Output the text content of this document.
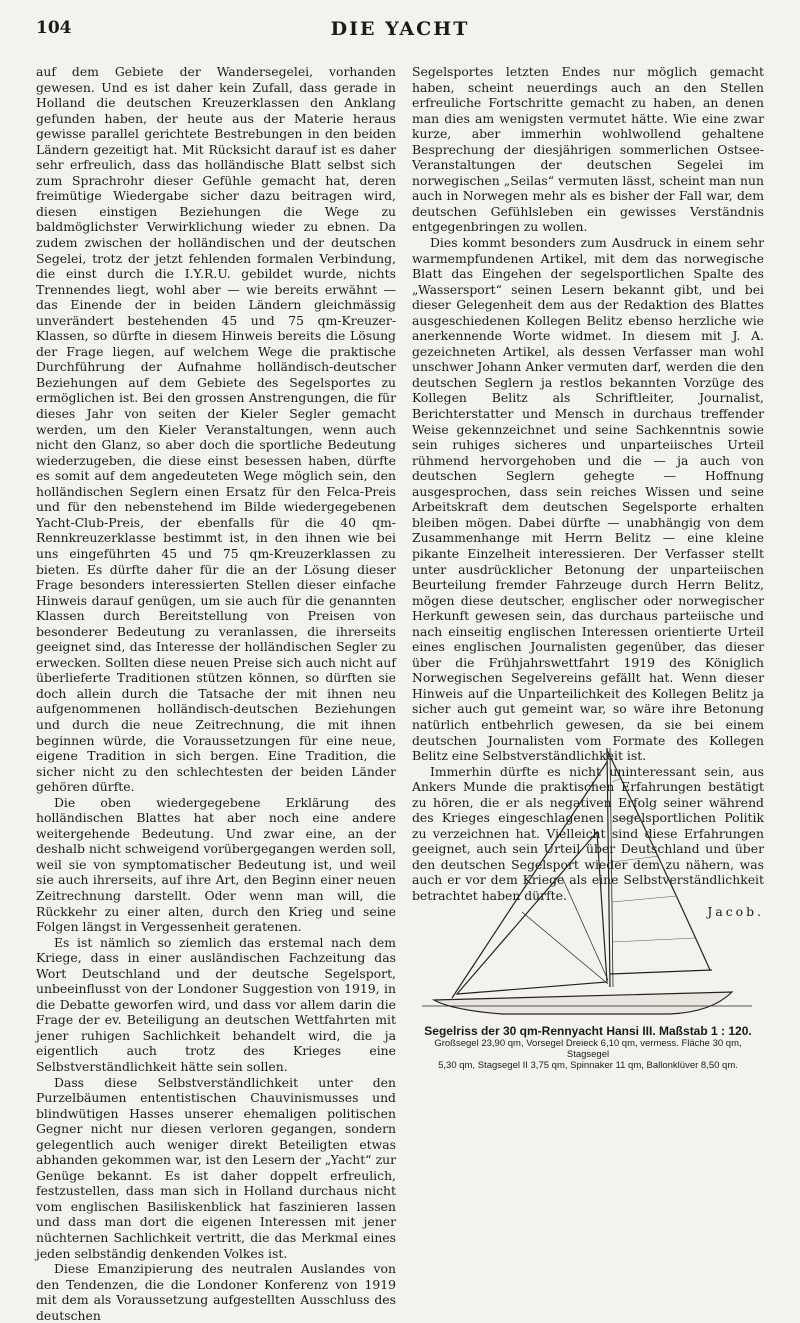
104	DIE YACHT

auf dem Gebiete der Wandersegelei, vorhanden gewesen. Und es ist daher kein Zufall, dass gerade in Holland die deutschen Kreuzerklassen den Anklang gefunden haben, der heute aus der Materie heraus gewisse parallel gerichtete Bestrebungen in den beiden Ländern gezeitigt hat. Mit Rücksicht darauf ist es daher sehr erfreulich, dass das holländische Blatt selbst sich zum Sprachrohr dieser Gefühle gemacht hat, deren freimütige Wiedergabe sicher dazu beitragen wird, diesen einstigen Beziehungen die Wege zu baldmöglichster Verwirklichung wieder zu ebnen. Da zudem zwischen der holländischen und der deutschen Segelei, trotz der jetzt fehlenden formalen Verbindung, die einst durch die I.Y.R.U. gebildet wurde, nichts Trennendes liegt, wohl aber — wie bereits erwähnt — das Einende der in beiden Ländern gleichmässig unverändert bestehenden 45 und 75 qm-Kreuzer-Klassen, so dürfte in diesem Hinweis bereits die Lösung der Frage liegen, auf welchem Wege die praktische Durchführung der Aufnahme holländisch-deutscher Beziehungen auf dem Gebiete des Segelsportes zu ermöglichen ist. Bei den grossen Anstrengungen, die für dieses Jahr von seiten der Kieler Segler gemacht werden, um den Kieler Veranstaltungen, wenn auch nicht den Glanz, so aber doch die sportliche Bedeutung wiederzugeben, die diese einst besessen haben, dürfte es somit auf dem angedeuteten Wege möglich sein, den holländischen Seglern einen Ersatz für den Felca-Preis und für den nebenstehend im Bilde wiedergegebenen Yacht-Club-Preis, der ebenfalls für die 40 qm-Rennkreuzerklasse bestimmt ist, in den ihnen wie bei uns eingeführten 45 und 75 qm-Kreuzerklassen zu bieten. Es dürfte daher für die an der Lösung dieser Frage besonders interessierten Stellen dieser einfache Hinweis darauf genügen, um sie auch für die genannten Klassen durch Bereitstellung von Preisen von besonderer Bedeutung zu veranlassen, die ihrerseits geeignet sind, das Interesse der holländischen Segler zu erwecken. Sollten diese neuen Preise sich auch nicht auf überlieferte Traditionen stützen können, so dürften sie doch allein durch die Tatsache der mit ihnen neu aufgenommenen holländisch-deutschen Beziehungen und durch die neue Zeitrechnung, die mit ihnen beginnen würde, die Voraussetzungen für eine neue, eigene Tradition in sich bergen. Eine Tradition, die sicher nicht zu den schlechtesten der beiden Länder gehören dürfte.

Die oben wiedergegebene Erklärung des holländischen Blattes hat aber noch eine andere weitergehende Bedeutung. Und zwar eine, an der deshalb nicht schweigend vorübergegangen werden soll, weil sie von symptomatischer Bedeutung ist, und weil sie auch ihrerseits, auf ihre Art, den Beginn einer neuen Zeitrechnung darstellt. Oder wenn man will, die Rückkehr zu einer alten, durch den Krieg und seine Folgen längst in Vergessenheit geratenen.

Es ist nämlich so ziemlich das erstemal nach dem Kriege, dass in einer ausländischen Fachzeitung das Wort Deutschland und der deutsche Segelsport, unbeeinflusst von der Londoner Suggestion von 1919, in die Debatte geworfen wird, und dass vor allem darin die Frage der ev. Beteiligung an deutschen Wettfahrten mit jener ruhigen Sachlichkeit behandelt wird, die ja eigentlich auch trotz des Krieges eine Selbstverständlichkeit hätte sein sollen.

Dass diese Selbstverständlichkeit unter den Purzelbäumen ententistischen Chauvinismusses und blindwütigen Hasses unserer ehemaligen politischen Gegner nicht nur diesen verloren gegangen, sondern gelegentlich auch weniger direkt Beteiligten etwas abhanden gekommen war, ist den Lesern der „Yacht“ zur Genüge bekannt. Es ist daher doppelt erfreulich, festzustellen, dass man sich in Holland durchaus nicht vom englischen Basiliskenblick hat faszinieren lassen und dass man dort die eigenen Interessen mit jener nüchternen Sachlichkeit vertritt, die das Merkmal eines jeden selbständig denkenden Volkes ist.

Diese Emanzipierung des neutralen Auslandes von den Tendenzen, die die Londoner Konferenz von 1919 mit dem als Voraussetzung aufgestellten Ausschluss des deutschen

Segelsportes letzten Endes nur möglich gemacht haben, scheint neuerdings auch an den Stellen erfreuliche Fortschritte gemacht zu haben, an denen man dies am wenigsten vermutet hätte. Wie eine zwar kurze, aber immerhin wohlwollend gehaltene Besprechung der diesjährigen sommerlichen Ostsee-Veranstaltungen der deutschen Segelei im norwegischen „Seilas“ vermuten lässt, scheint man nun auch in Norwegen mehr als es bisher der Fall war, dem deutschen Gefühlsleben ein gewisses Verständnis entgegenbringen zu wollen.

Dies kommt besonders zum Ausdruck in einem sehr warmempfundenen Artikel, mit dem das norwegische Blatt das Eingehen der segelsportlichen Spalte des „Wassersport“ seinen Lesern bekannt gibt, und bei dieser Gelegenheit dem aus der Redaktion des Blattes ausgeschiedenen Kollegen Belitz ebenso herzliche wie anerkennende Worte widmet. In diesem mit J. A. gezeichneten Artikel, als dessen Verfasser man wohl unschwer Johann Anker vermuten darf, werden die den deutschen Seglern ja restlos bekannten Vorzüge des Kollegen Belitz als Schriftleiter, Journalist, Berichterstatter und Mensch in durchaus treffender Weise gekennzeichnet und seine Sachkenntnis sowie sein ruhiges sicheres und unparteiisches Urteil rühmend hervorgehoben und die — ja auch von deutschen Seglern gehegte — Hoffnung ausgesprochen, dass sein reiches Wissen und seine Arbeitskraft dem deutschen Segelsporte erhalten bleiben mögen. Dabei dürfte — unabhängig von dem Zusammenhange mit Herrn Belitz — eine kleine pikante Einzelheit interessieren. Der Verfasser stellt unter ausdrücklicher Betonung der unparteiischen Beurteilung fremder Fahrzeuge durch Herrn Belitz, mögen diese deutscher, englischer oder norwegischer Herkunft gewesen sein, das durchaus parteiische und nach einseitig englischen Interessen orientierte Urteil eines englischen Journalisten gegenüber, das dieser über die Frühjahrswettfahrt 1919 des Königlich Norwegischen Segelvereins gefällt hat. Wenn dieser Hinweis auf die Unparteilichkeit des Kollegen Belitz ja sicher auch gut gemeint war, so wäre ihre Betonung natürlich entbehrlich gewesen, da sie bei einem deutschen Journalisten vom Formate des Kollegen Belitz eine Selbstverständlichkeit ist.

Immerhin dürfte es nicht uninteressant sein, aus Ankers Munde die praktischen Erfahrungen bestätigt zu hören, die er als negativen Erfolg seiner während des Krieges eingeschlagenen segelsportlichen Politik zu verzeichnen hat. Vielleicht sind diese Erfahrungen geeignet, auch sein Urteil über Deutschland und über den deutschen Segelsport wieder dem zu nähern, was auch er vor dem Kriege als eine Selbstverständlichkeit betrachtet haben dürfte.

Jacob.
Segelriss der 30 qm-Rennyacht Hansi III. Maßstab 1 : 120.
Großsegel 23,90 qm, Vorsegel Dreieck 6,10 qm, vermess. Fläche 30 qm, Stagsegel
5,30 qm, Stagsegel II 3,75 qm, Spinnaker 11 qm, Ballonklüver 8,50 qm.
